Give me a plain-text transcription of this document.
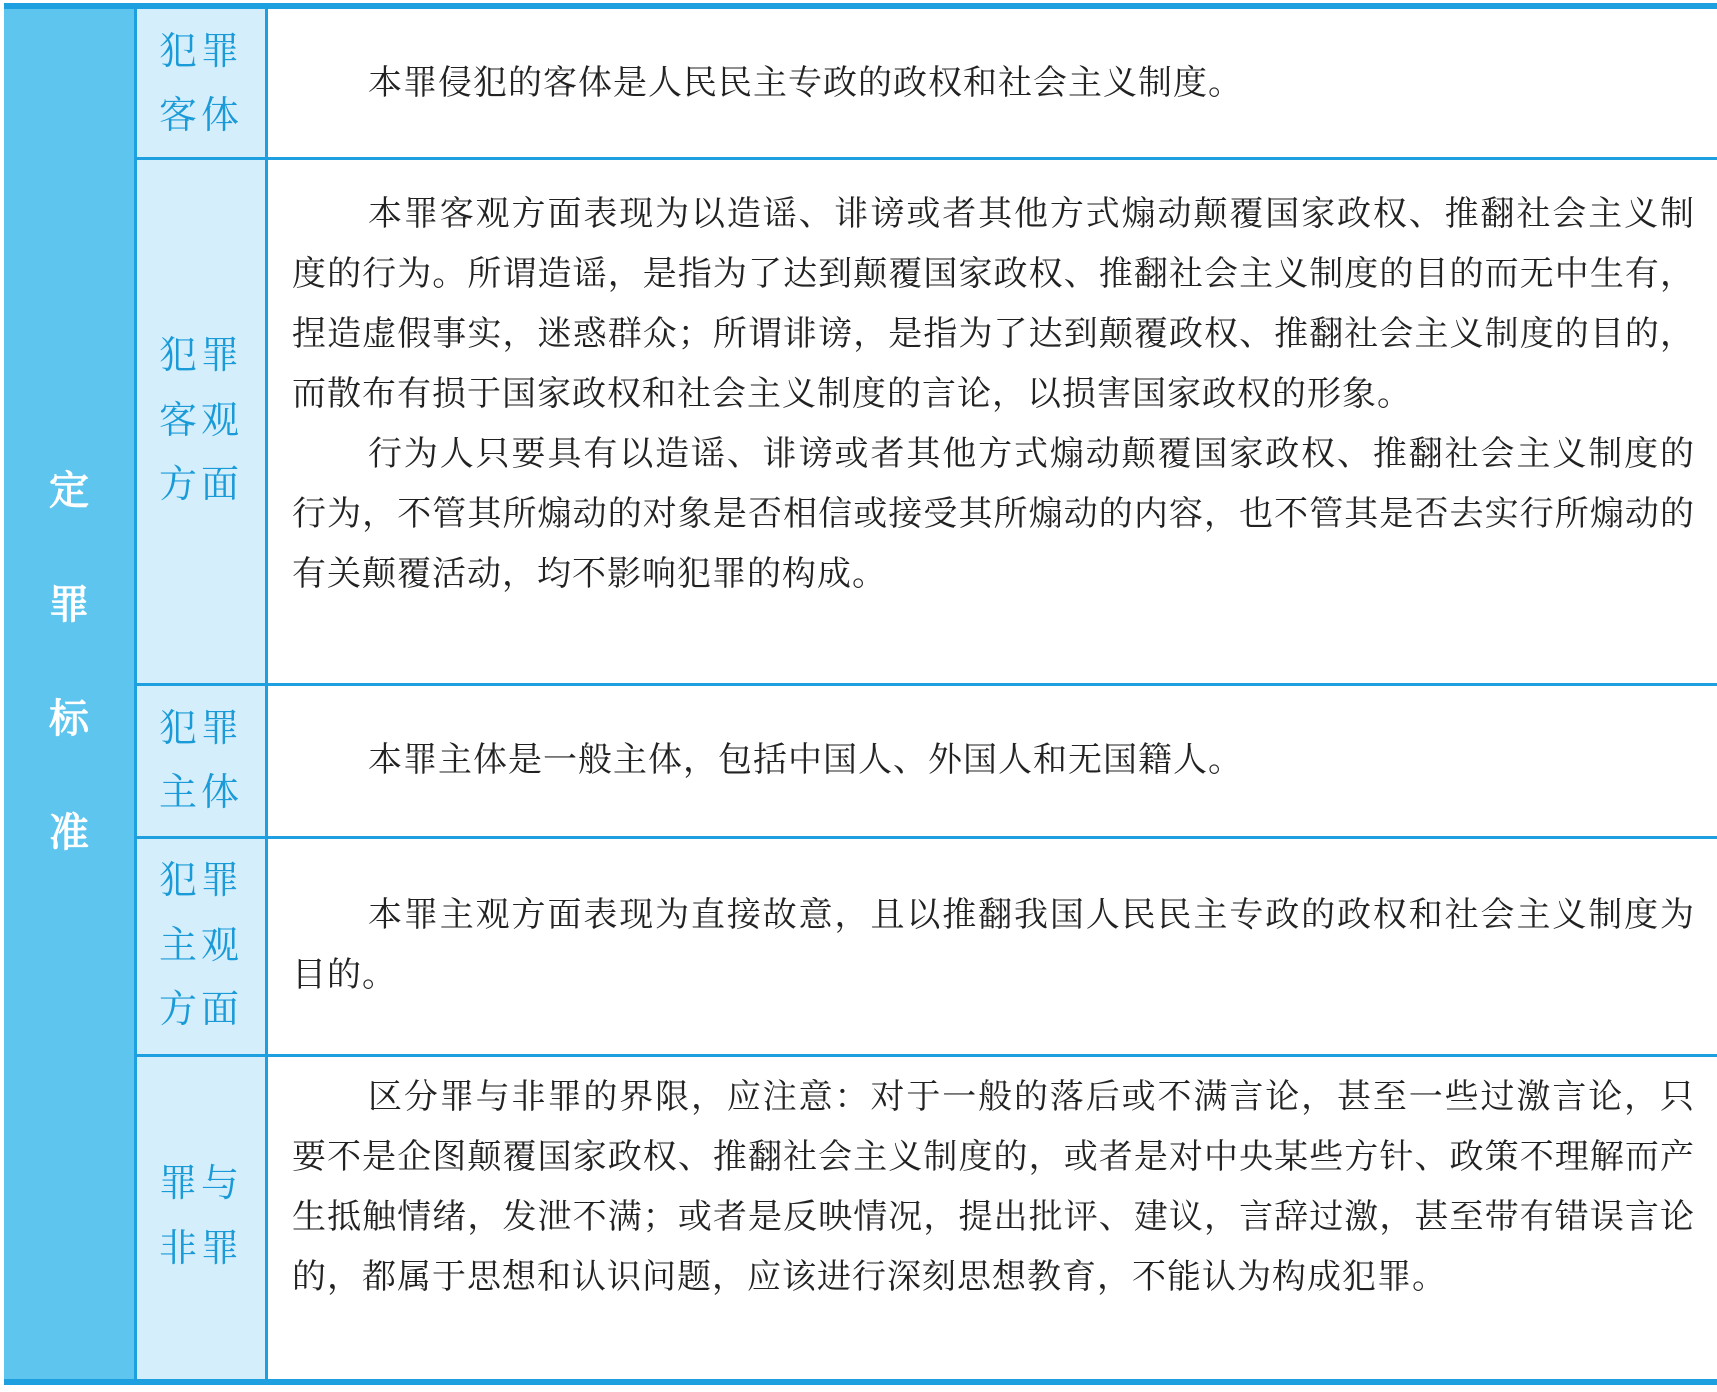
定
罪
标
准
犯罪
客体

本罪侵犯的客体是人民民主专政的政权和社会主义制度。

犯罪
客观
方面

本罪客观方面表现为以造谣、诽谤或者其他方式煽动颠覆国家政权、推翻社会主义制度的行为。所谓造谣，是指为了达到颠覆国家政权、推翻社会主义制度的目的而无中生有，捏造虚假事实，迷惑群众；所谓诽谤，是指为了达到颠覆政权、推翻社会主义制度的目的，而散布有损于国家政权和社会主义制度的言论，以损害国家政权的形象。

行为人只要具有以造谣、诽谤或者其他方式煽动颠覆国家政权、推翻社会主义制度的行为，不管其所煽动的对象是否相信或接受其所煽动的内容，也不管其是否去实行所煽动的有关颠覆活动，均不影响犯罪的构成。

犯罪
主体

本罪主体是一般主体，包括中国人、外国人和无国籍人。

犯罪
主观
方面

本罪主观方面表现为直接故意，且以推翻我国人民民主专政的政权和社会主义制度为目的。

罪与
非罪

区分罪与非罪的界限，应注意：对于一般的落后或不满言论，甚至一些过激言论，只要不是企图颠覆国家政权、推翻社会主义制度的，或者是对中央某些方针、政策不理解而产生抵触情绪，发泄不满；或者是反映情况，提出批评、建议，言辞过激，甚至带有错误言论的，都属于思想和认识问题，应该进行深刻思想教育，不能认为构成犯罪。
